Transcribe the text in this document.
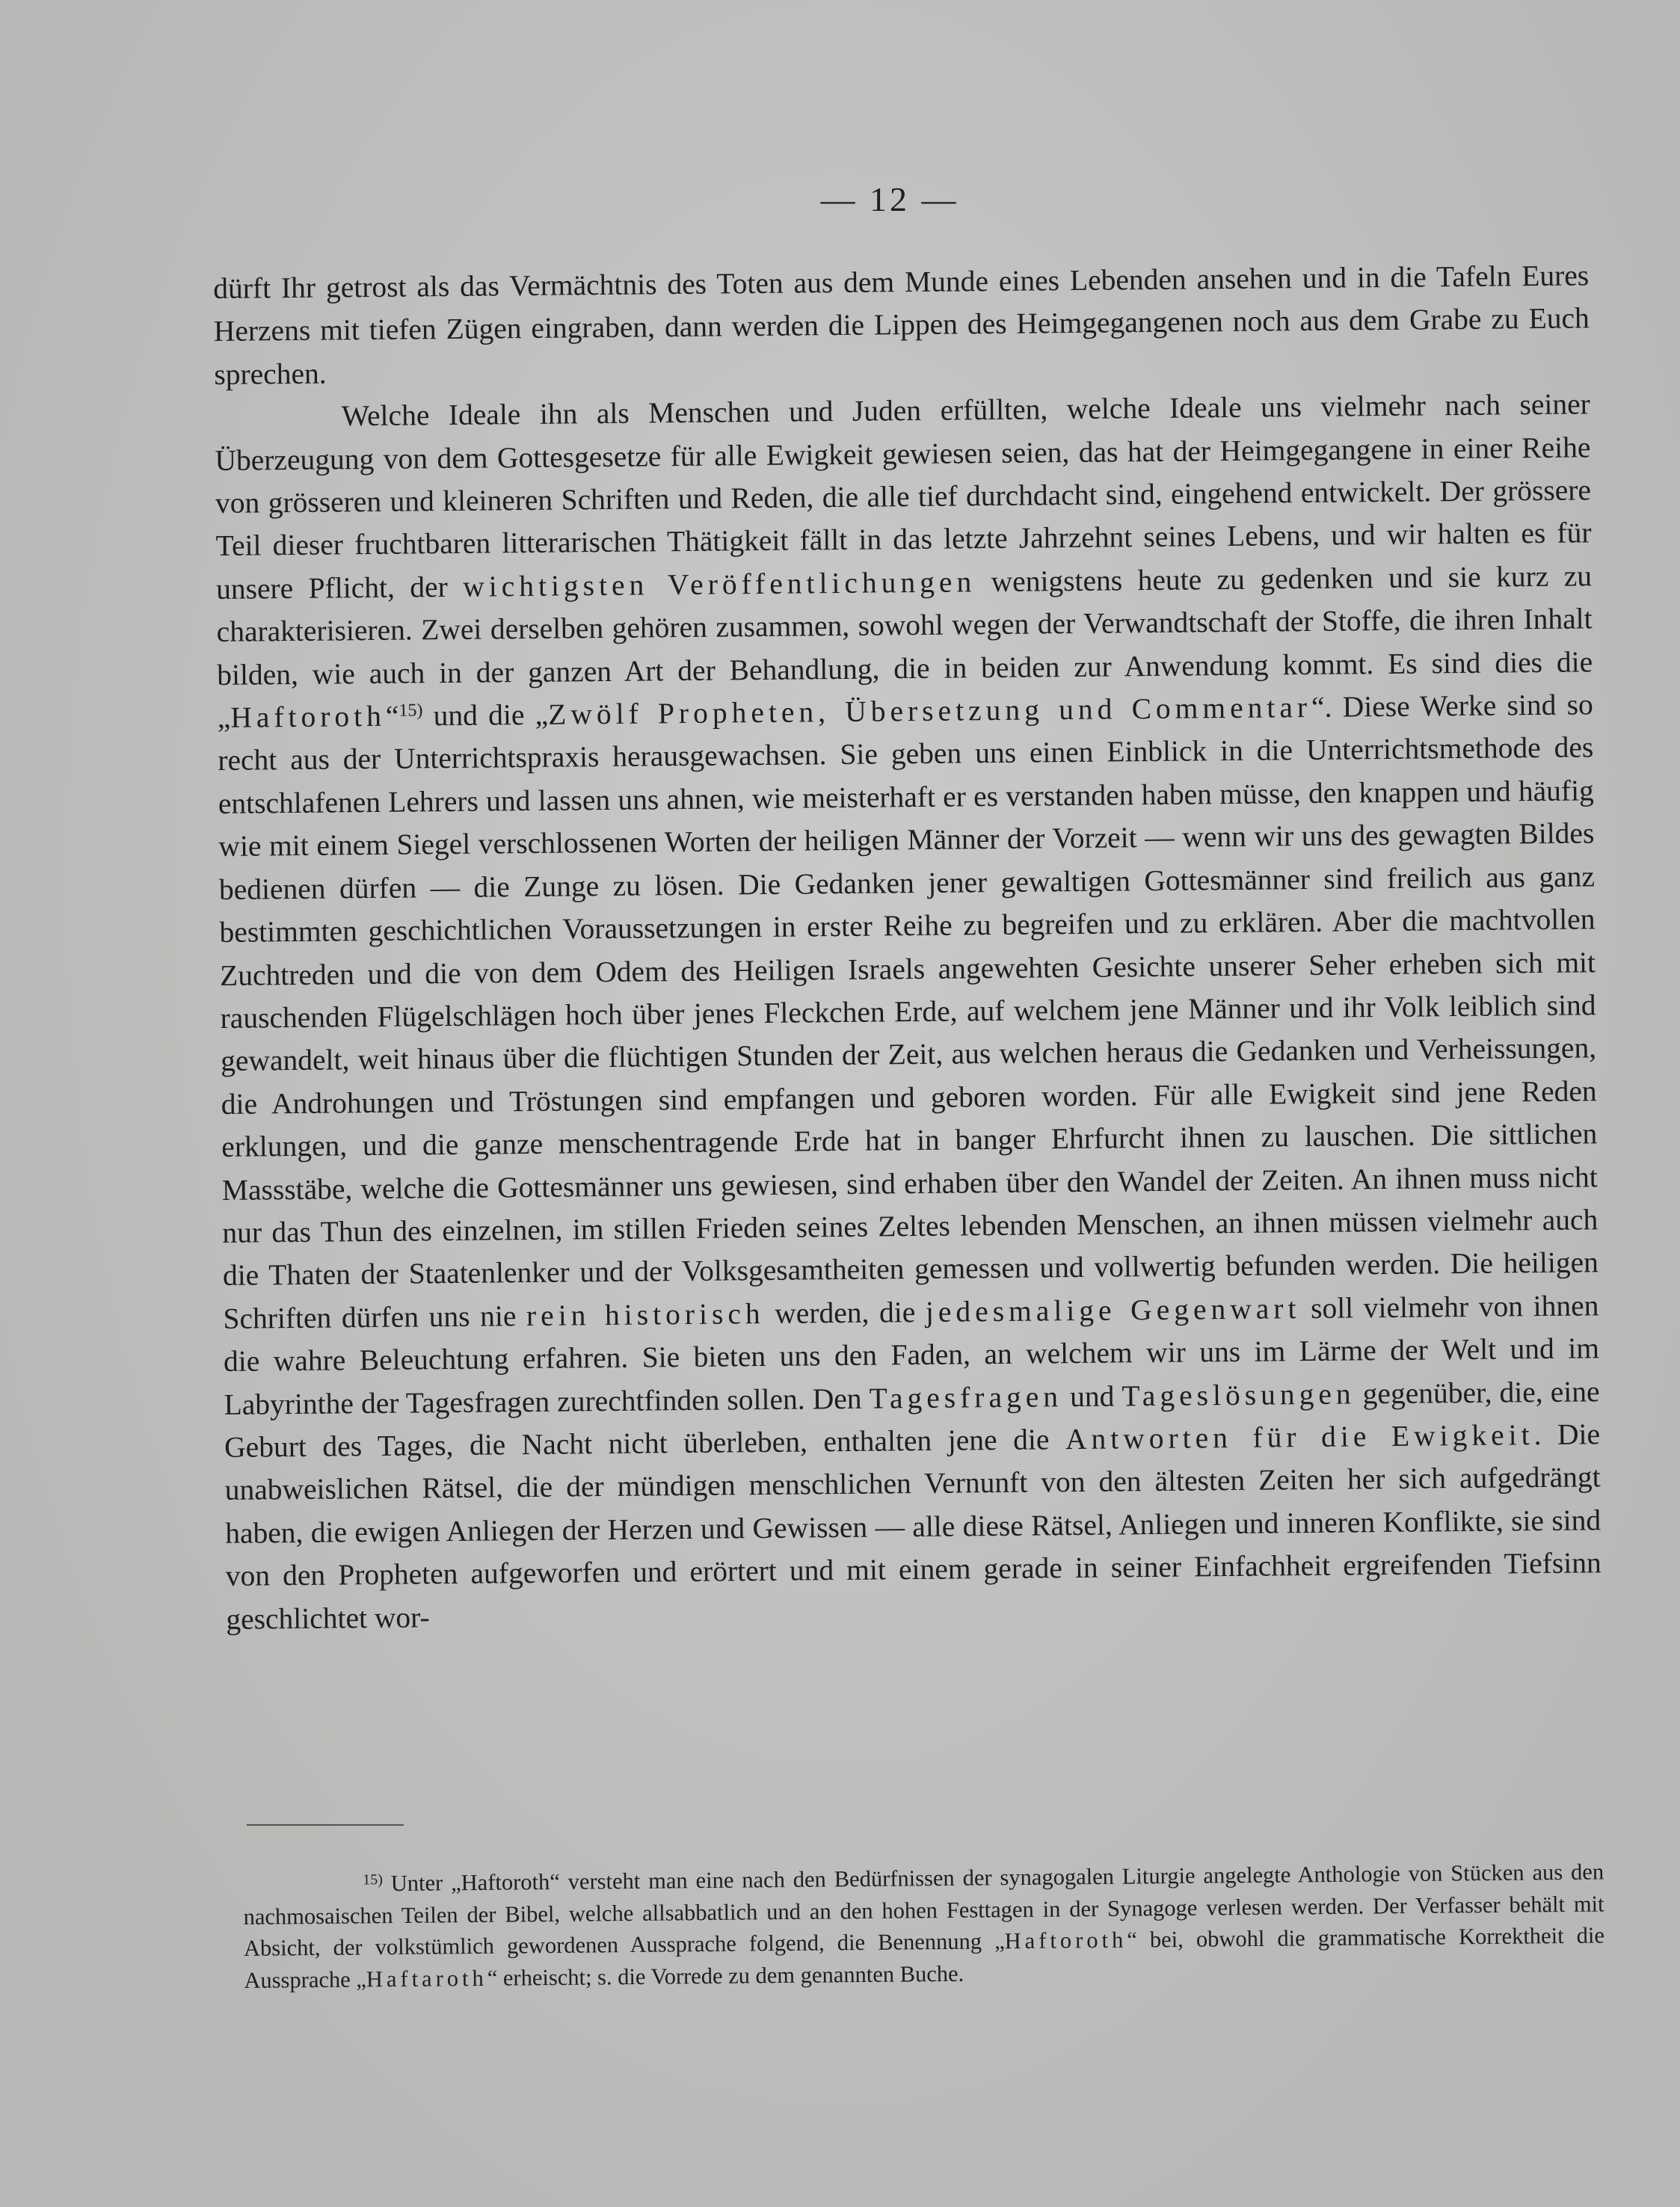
— 12 —

dürft Ihr getrost als das Vermächtnis des Toten aus dem Munde eines Lebenden ansehen und in die Tafeln Eures Herzens mit tiefen Zügen eingraben, dann werden die Lippen des Heimgegangenen noch aus dem Grabe zu Euch sprechen.

Welche Ideale ihn als Menschen und Juden erfüllten, welche Ideale uns vielmehr nach seiner Überzeugung von dem Gottesgesetze für alle Ewigkeit gewiesen seien, das hat der Heimgegangene in einer Reihe von grösseren und kleineren Schriften und Reden, die alle tief durchdacht sind, eingehend entwickelt. Der grössere Teil dieser fruchtbaren litterarischen Thätigkeit fällt in das letzte Jahrzehnt seines Lebens, und wir halten es für unsere Pflicht, der wichtigsten Veröffentlichungen wenigstens heute zu gedenken und sie kurz zu charakterisieren. Zwei derselben gehören zusammen, sowohl wegen der Verwandtschaft der Stoffe, die ihren Inhalt bilden, wie auch in der ganzen Art der Behandlung, die in beiden zur Anwendung kommt. Es sind dies die „Haftoroth“$^{15)}$ und die „Zwölf Propheten, Übersetzung und Commentar“. Diese Werke sind so recht aus der Unterrichtspraxis herausgewachsen. Sie geben uns einen Einblick in die Unterrichtsmethode des entschlafenen Lehrers und lassen uns ahnen, wie meisterhaft er es verstanden haben müsse, den knappen und häufig wie mit einem Siegel verschlossenen Worten der heiligen Männer der Vorzeit — wenn wir uns des gewagten Bildes bedienen dürfen — die Zunge zu lösen. Die Gedanken jener gewaltigen Gottesmänner sind freilich aus ganz bestimmten geschichtlichen Voraussetzungen in erster Reihe zu begreifen und zu erklären. Aber die machtvollen Zuchtreden und die von dem Odem des Heiligen Israels angewehten Gesichte unserer Seher erheben sich mit rauschenden Flügelschlägen hoch über jenes Fleckchen Erde, auf welchem jene Männer und ihr Volk leiblich sind gewandelt, weit hinaus über die flüchtigen Stunden der Zeit, aus welchen heraus die Gedanken und Verheissungen, die Androhungen und Tröstungen sind empfangen und geboren worden. Für alle Ewigkeit sind jene Reden erklungen, und die ganze menschentragende Erde hat in banger Ehrfurcht ihnen zu lauschen. Die sittlichen Massstäbe, welche die Gottesmänner uns gewiesen, sind erhaben über den Wandel der Zeiten. An ihnen muss nicht nur das Thun des einzelnen, im stillen Frieden seines Zeltes lebenden Menschen, an ihnen müssen vielmehr auch die Thaten der Staatenlenker und der Volksgesamtheiten gemessen und vollwertig befunden werden. Die heiligen Schriften dürfen uns nie rein historisch werden, die jedesmalige Gegenwart soll vielmehr von ihnen die wahre Beleuchtung erfahren. Sie bieten uns den Faden, an welchem wir uns im Lärme der Welt und im Labyrinthe der Tagesfragen zurechtfinden sollen. Den Tagesfragen und Tageslösungen gegenüber, die, eine Geburt des Tages, die Nacht nicht überleben, enthalten jene die Antworten für die Ewigkeit. Die unabweislichen Rätsel, die der mündigen menschlichen Vernunft von den ältesten Zeiten her sich aufgedrängt haben, die ewigen Anliegen der Herzen und Gewissen — alle diese Rätsel, Anliegen und inneren Konflikte, sie sind von den Propheten aufgeworfen und erörtert und mit einem gerade in seiner Einfachheit ergreifenden Tiefsinn geschlichtet wor-

$^{15)}$ Unter „Haftoroth“ versteht man eine nach den Bedürfnissen der synagogalen Liturgie angelegte Anthologie von Stücken aus den nachmosaischen Teilen der Bibel, welche allsabbatlich und an den hohen Festtagen in der Synagoge verlesen werden. Der Verfasser behält mit Absicht, der volkstümlich gewordenen Aussprache folgend, die Benennung „Haftoroth“ bei, obwohl die grammatische Korrektheit die Aussprache „Haftaroth“ erheischt; s. die Vorrede zu dem genannten Buche.
